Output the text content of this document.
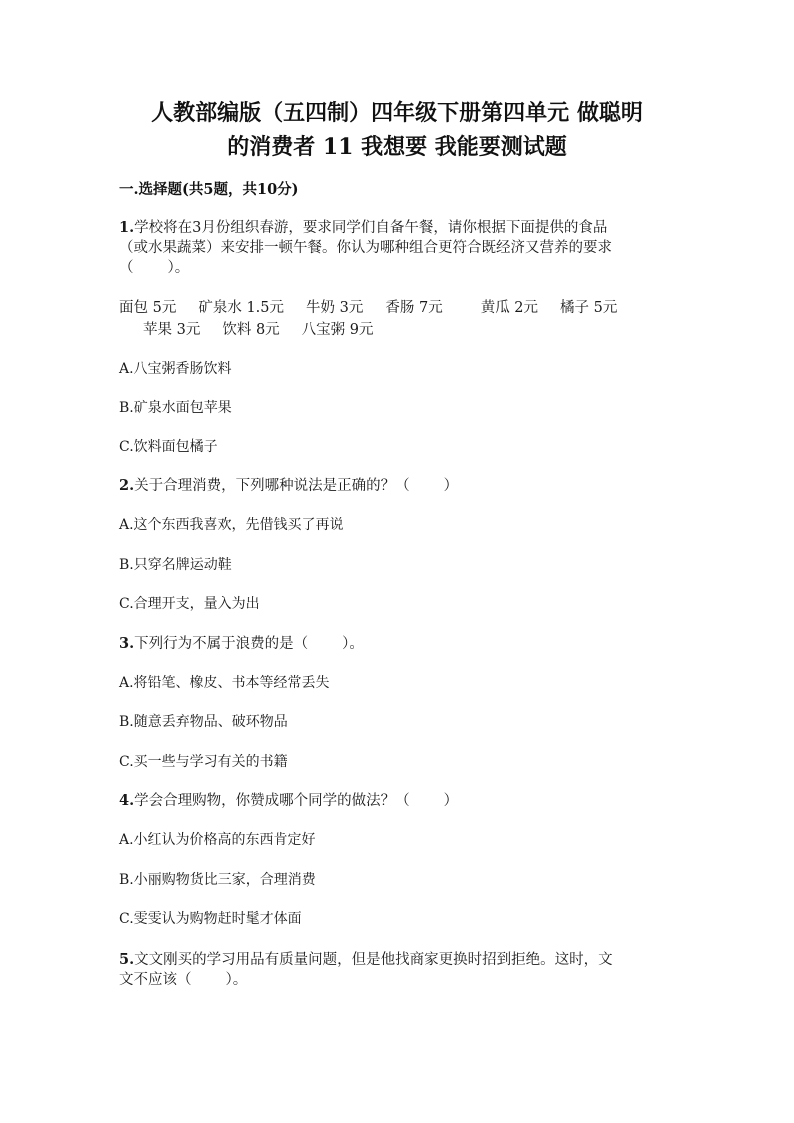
人教部编版（五四制）四年级下册第四单元 做聪明
的消费者 11 我想要 我能要测试题
一.选择题(共5题，共10分)
1.学校将在3月份组织春游，要求同学们自备午餐，请你根据下面提供的食品
（或水果蔬菜）来安排一顿午餐。你认为哪种组合更符合既经济又营养的要求
（ ）。
面包 5元 矿泉水 1.5元 牛奶 3元 香肠 7元	黄瓜 2元 橘子 5元
苹果 3元 饮料 8元 八宝粥 9元
A.八宝粥香肠饮料
B.矿泉水面包苹果
C.饮料面包橘子
2.关于合理消费，下列哪种说法是正确的？（ ）
A.这个东西我喜欢，先借钱买了再说
B.只穿名牌运动鞋
C.合理开支，量入为出
3.下列行为不属于浪费的是（ ）。
A.将铅笔、橡皮、书本等经常丢失
B.随意丢弃物品、破环物品
C.买一些与学习有关的书籍
4.学会合理购物，你赞成哪个同学的做法？（ ）
A.小红认为价格高的东西肯定好
B.小丽购物货比三家，合理消费
C.雯雯认为购物赶时髦才体面
5.文文刚买的学习用品有质量问题，但是他找商家更换时招到拒绝。这时，文
文不应该（ ）。
